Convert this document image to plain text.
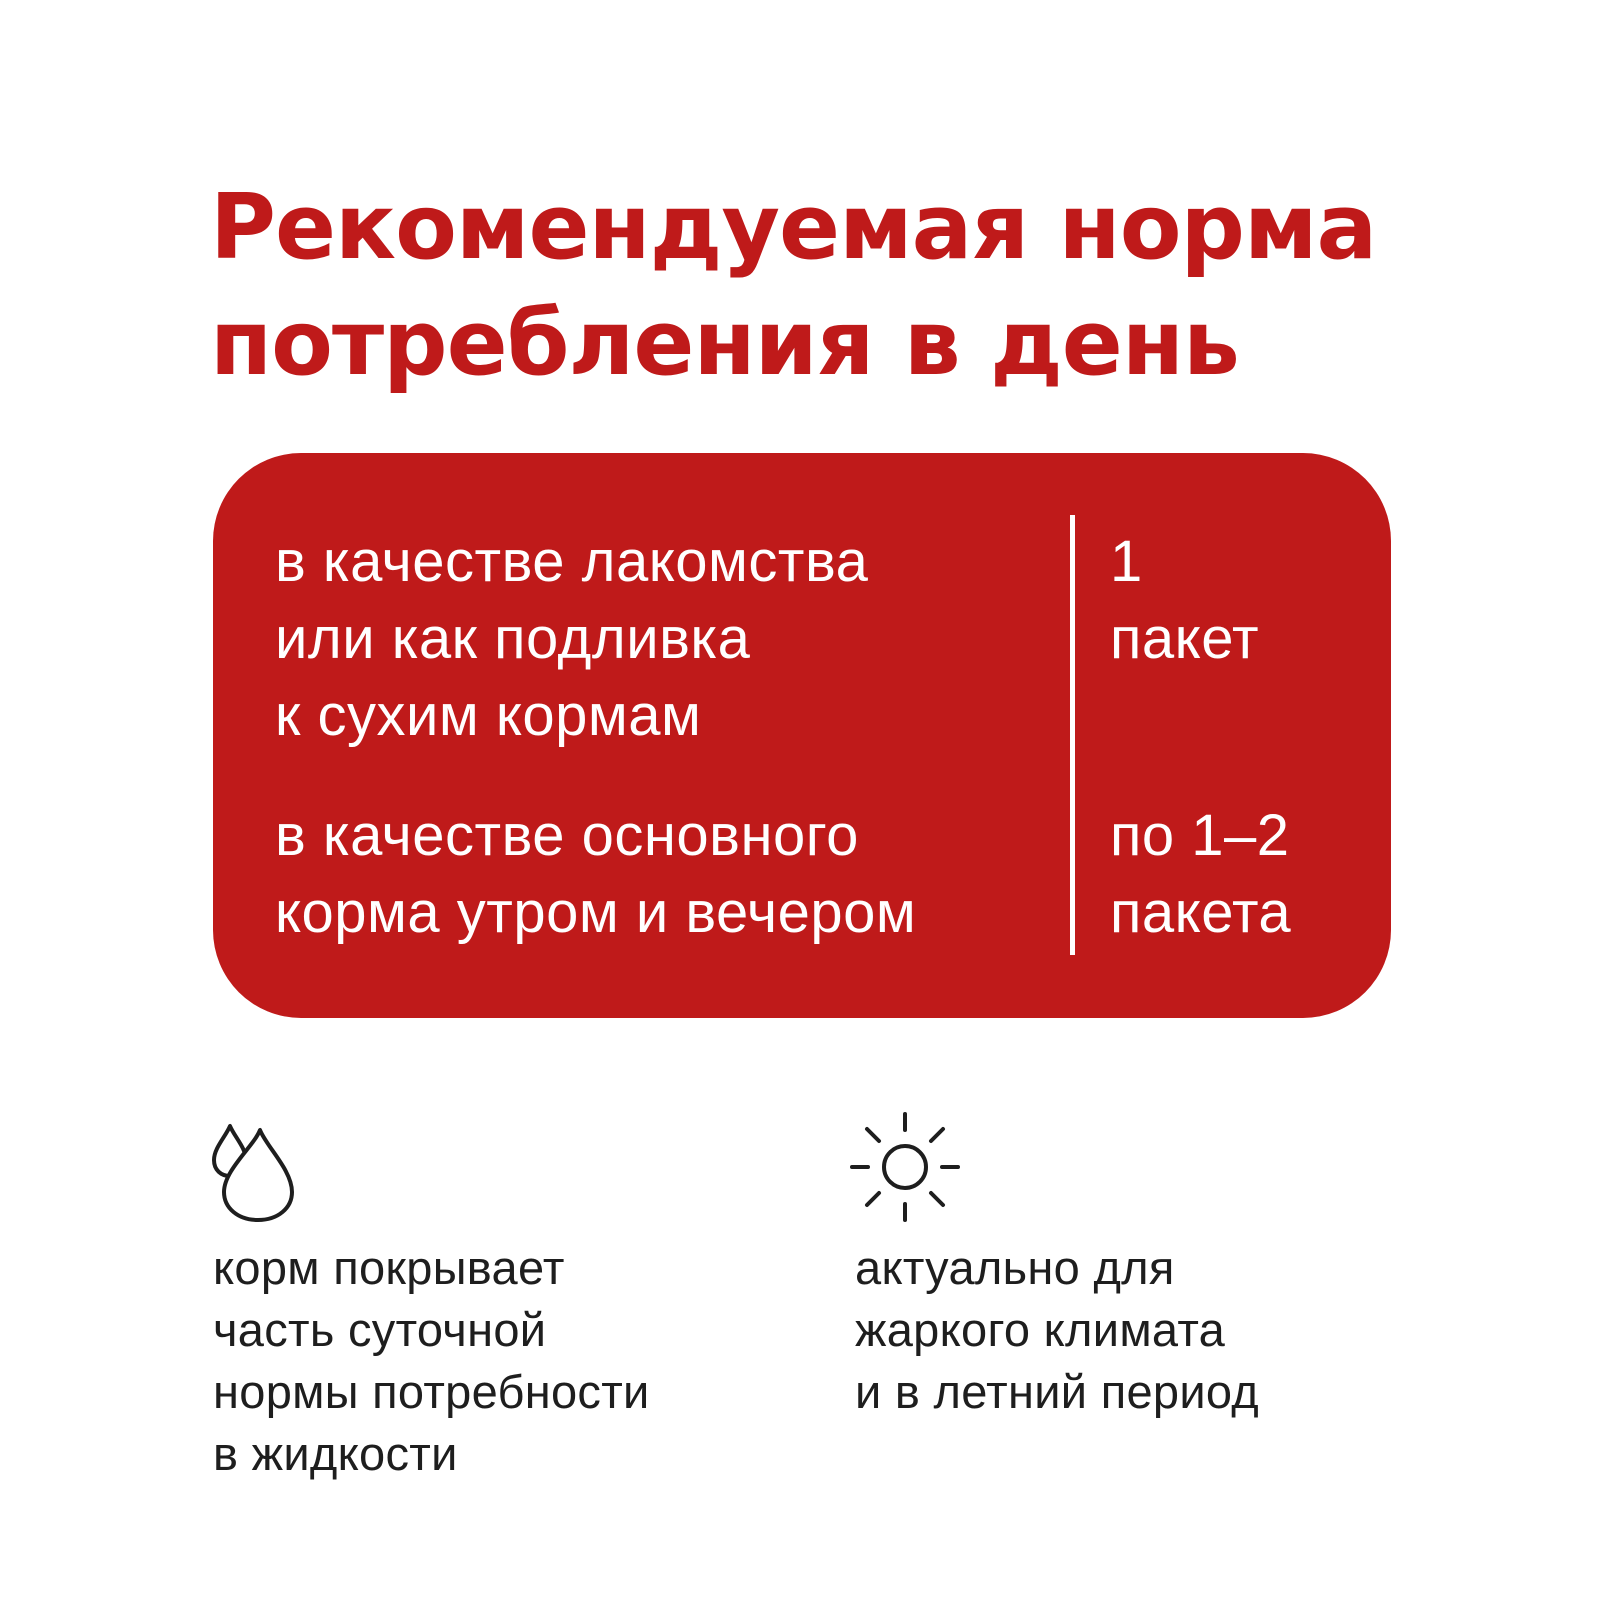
Рекомендуемая норма
потребления в день

в качестве лакомства
или как подливка
к сухим кормам

1
пакет

в качестве основного
корма утром и вечером

по 1–2
пакета

корм покрывает
часть суточной
нормы потребности
в жидкости

актуально для
жаркого климата
и в летний период
